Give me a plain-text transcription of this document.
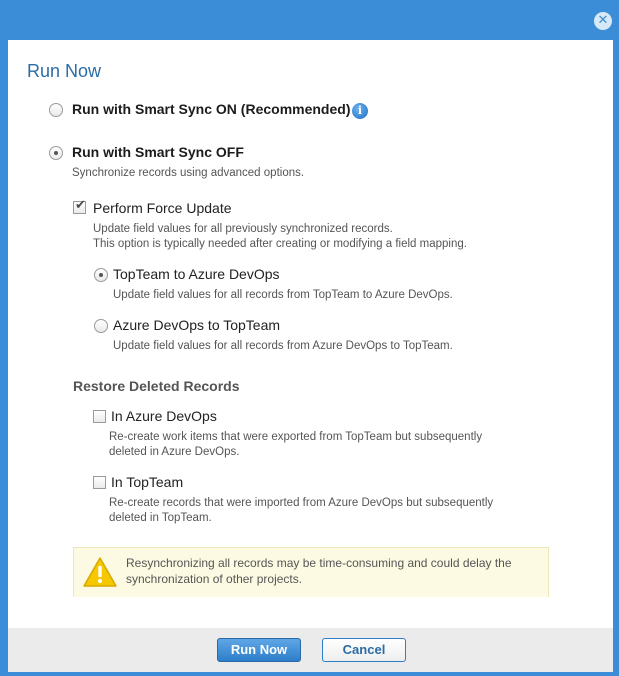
✕
Run Now
Run with Smart Sync ON (Recommended) i
Run with Smart Sync OFF
Synchronize records using advanced options.
✔ Perform Force Update
Update field values for all previously synchronized records.
This option is typically needed after creating or modifying a field mapping.
TopTeam to Azure DevOps
Update field values for all records from TopTeam to Azure DevOps.
Azure DevOps to TopTeam
Update field values for all records from Azure DevOps to TopTeam.
Restore Deleted Records
In Azure DevOps
Re-create work items that were exported from TopTeam but subsequently
deleted in Azure DevOps.
In TopTeam
Re-create records that were imported from Azure DevOps but subsequently
deleted in TopTeam.
Resynchronizing all records may be time-consuming and could delay the
synchronization of other projects.
Run Now	Cancel
